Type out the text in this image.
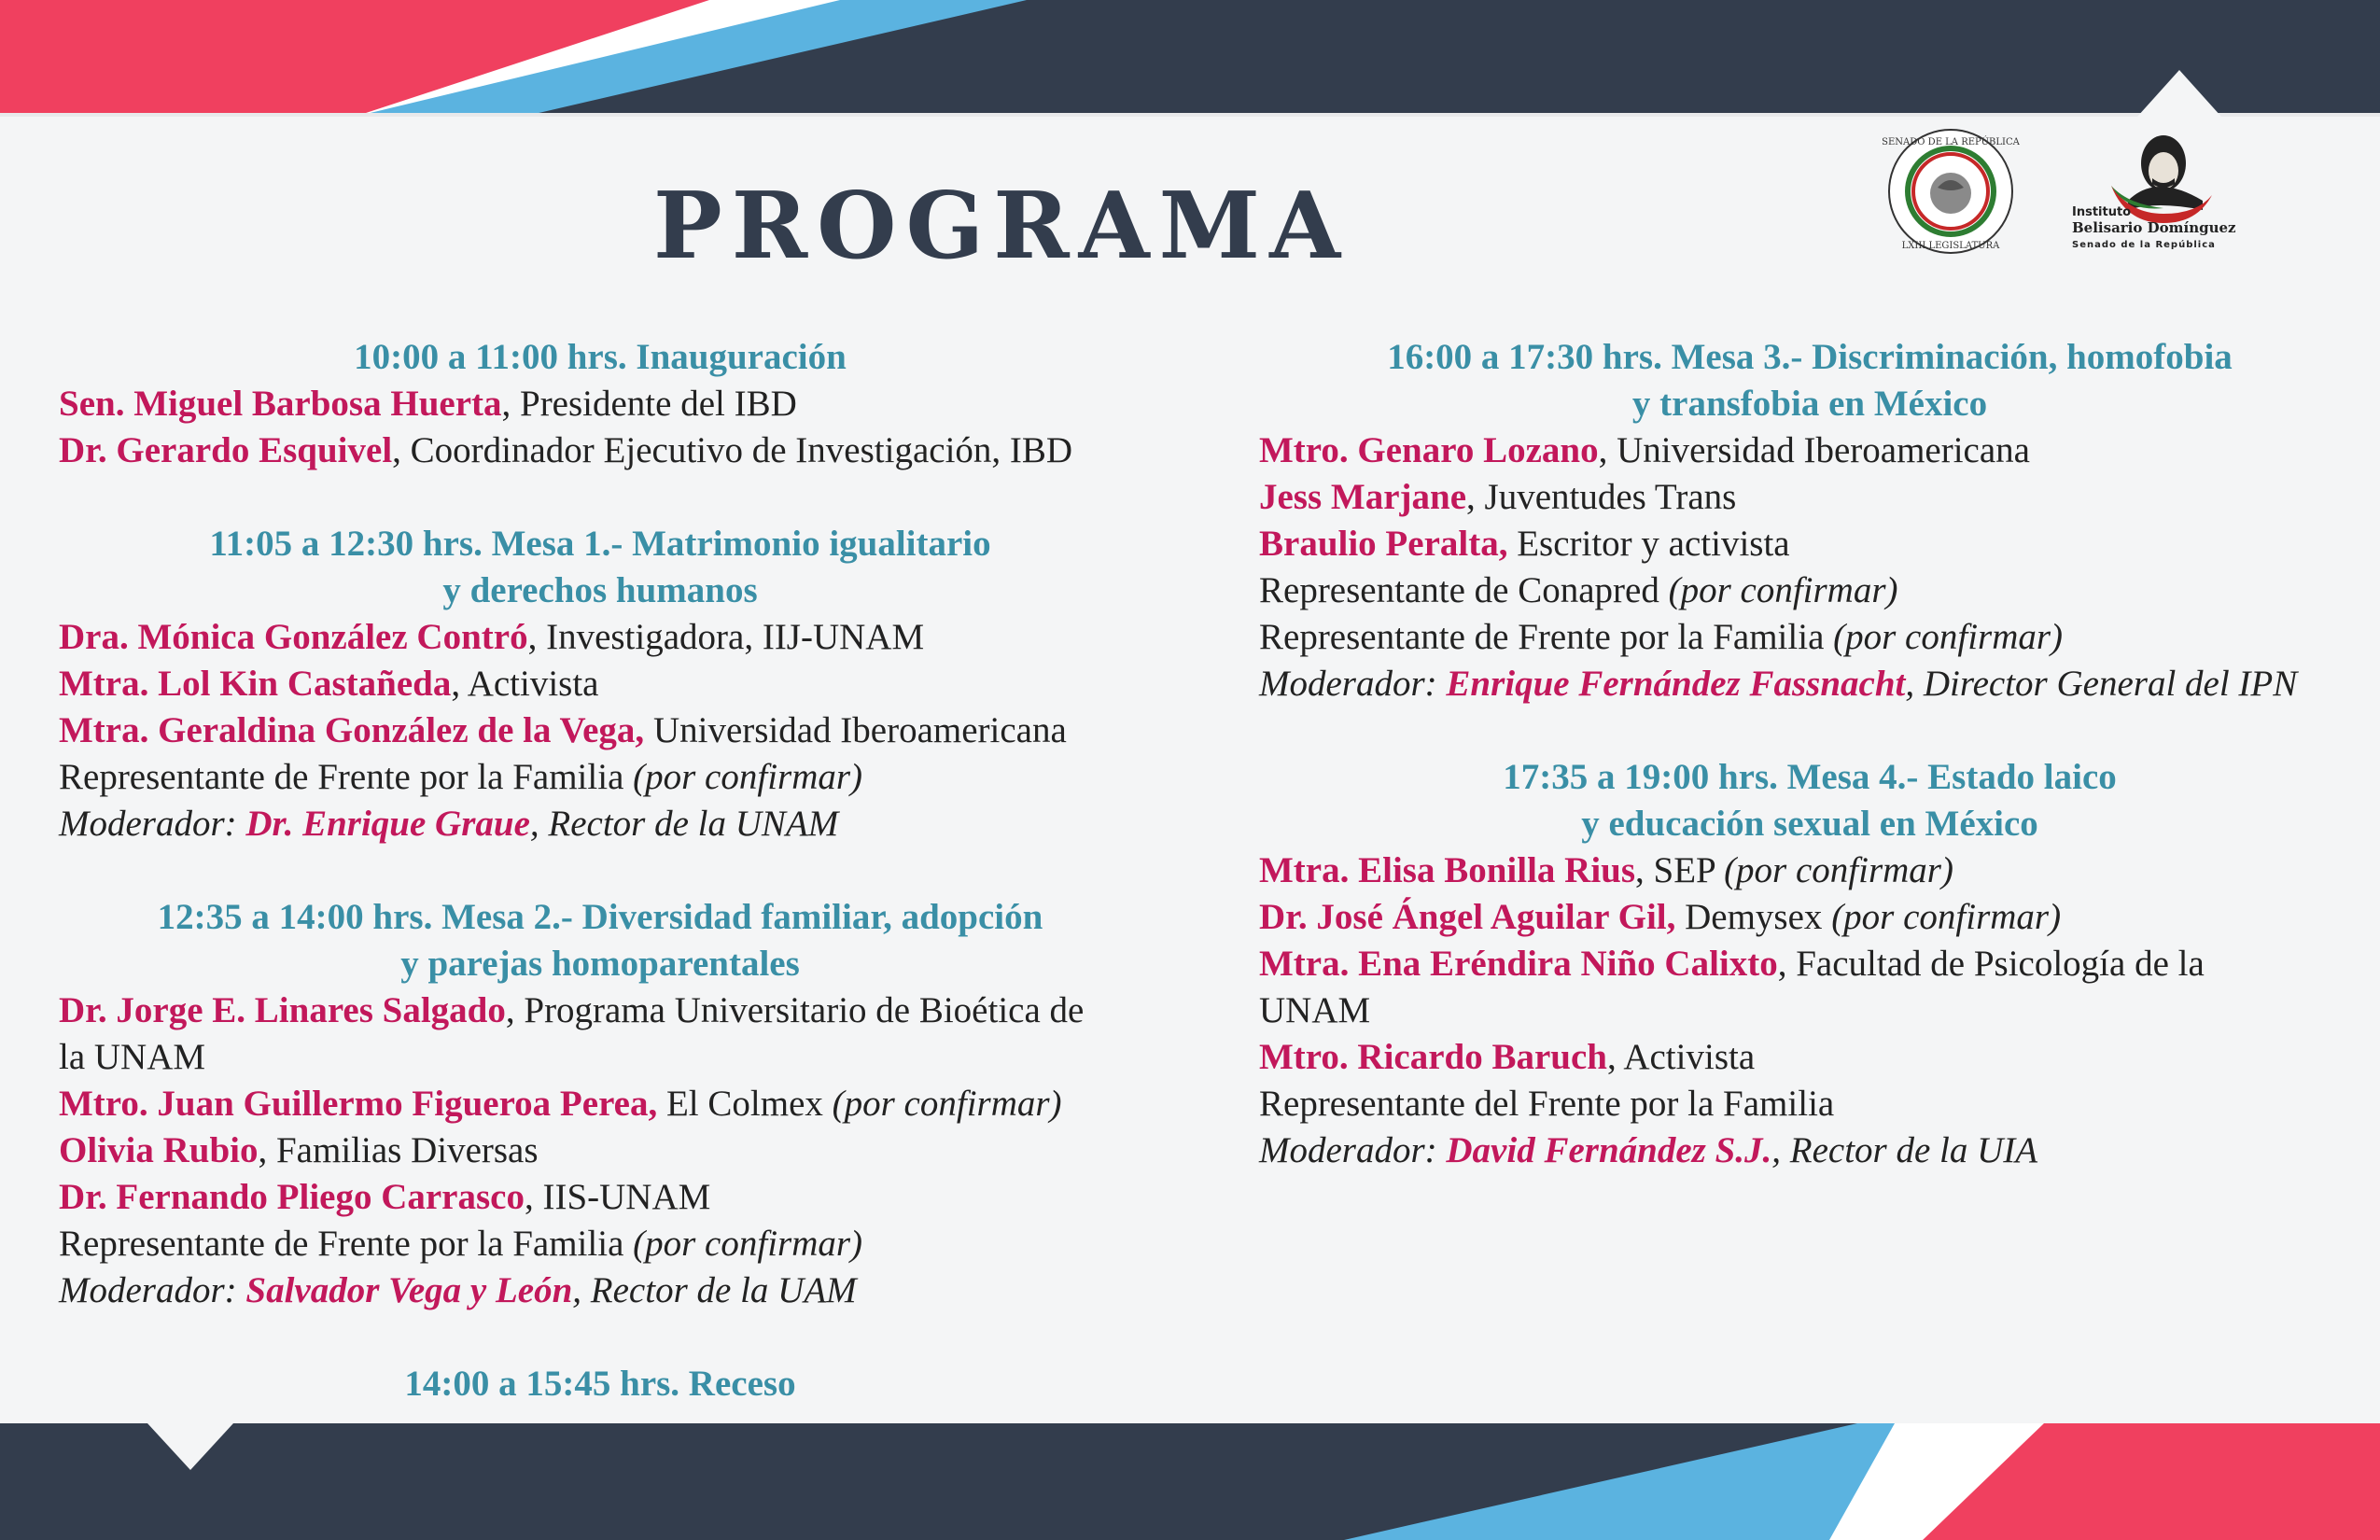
PROGRAMA
SENADO DE LA REPÚBLICA
LXIII LEGISLATURA
Instituto
Belisario Domínguez
Senado de la República
10:00 a 11:00 hrs. Inauguración
Sen. Miguel Barbosa Huerta, Presidente del IBD
Dr. Gerardo Esquivel, Coordinador Ejecutivo de Investigación, IBD
11:05 a 12:30 hrs. Mesa 1.- Matrimonio igualitario
y derechos humanos
Dra. Mónica González Contró, Investigadora, IIJ-UNAM
Mtra. Lol Kin Castañeda, Activista
Mtra. Geraldina González de la Vega, Universidad Iberoamericana
Representante de Frente por la Familia (por confirmar)
Moderador: Dr. Enrique Graue, Rector de la UNAM
12:35 a 14:00 hrs. Mesa 2.- Diversidad familiar, adopción
y parejas homoparentales
Dr. Jorge E. Linares Salgado, Programa Universitario de Bioética de la UNAM
Mtro. Juan Guillermo Figueroa Perea, El Colmex (por confirmar)
Olivia Rubio, Familias Diversas
Dr. Fernando Pliego Carrasco, IIS-UNAM
Representante de Frente por la Familia (por confirmar)
Moderador: Salvador Vega y León, Rector de la UAM
14:00 a 15:45 hrs. Receso
16:00 a 17:30 hrs. Mesa 3.- Discriminación, homofobia
y transfobia en México
Mtro. Genaro Lozano, Universidad Iberoamericana
Jess Marjane, Juventudes Trans
Braulio Peralta, Escritor y activista
Representante de Conapred (por confirmar)
Representante de Frente por la Familia (por confirmar)
Moderador: Enrique Fernández Fassnacht, Director General del IPN
17:35 a 19:00 hrs. Mesa 4.- Estado laico
y educación sexual en México
Mtra. Elisa Bonilla Rius, SEP (por confirmar)
Dr. José Ángel Aguilar Gil, Demysex (por confirmar)
Mtra. Ena Eréndira Niño Calixto, Facultad de Psicología de la UNAM
Mtro. Ricardo Baruch, Activista
Representante del Frente por la Familia
Moderador: David Fernández S.J., Rector de la UIA
